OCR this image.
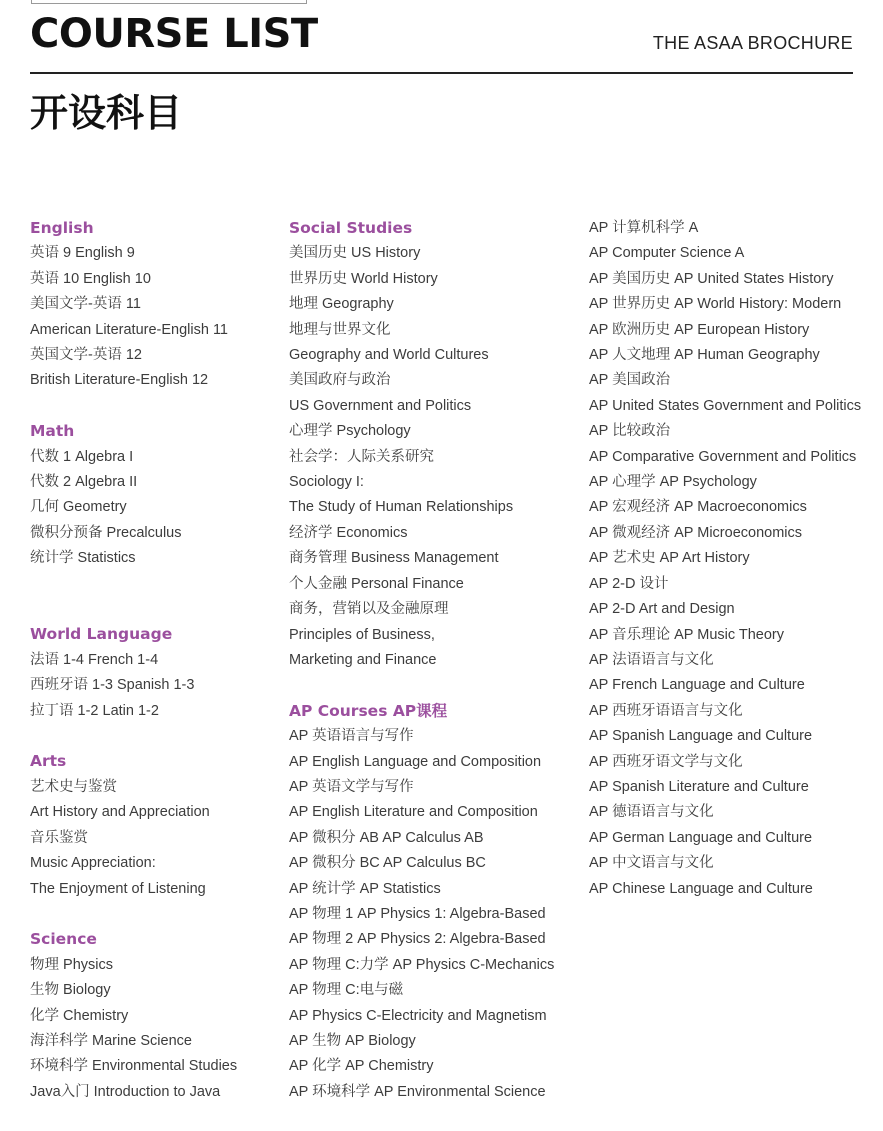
COURSE LIST	THE ASAA BROCHURE
开设科目
English
英语 9 English 9
英语 10 English 10
美国文学-英语 11
American Literature-English 11
英国文学-英语 12
British Literature-English 12
Math
代数 1 Algebra I
代数 2 Algebra II
几何 Geometry
微积分预备 Precalculus
统计学 Statistics
World Language
法语 1-4 French 1-4
西班牙语 1-3 Spanish 1-3
拉丁语 1-2 Latin 1-2
Arts
艺术史与鉴赏
Art History and Appreciation
音乐鉴赏
Music Appreciation:
The Enjoyment of Listening
Science
物理 Physics
生物 Biology
化学 Chemistry
海洋科学 Marine Science
环境科学 Environmental Studies
Java入门 Introduction to Java
Social Studies
美国历史 US History
世界历史 World History
地理 Geography
地理与世界文化
Geography and World Cultures
美国政府与政治
US Government and Politics
心理学 Psychology
社会学：人际关系研究
Sociology I:
The Study of Human Relationships
经济学 Economics
商务管理 Business Management
个人金融 Personal Finance
商务，营销以及金融原理
Principles of Business,
Marketing and Finance
AP Courses AP课程
AP 英语语言与写作
AP English Language and Composition
AP 英语文学与写作
AP English Literature and Composition
AP 微积分 AB AP Calculus AB
AP 微积分 BC AP Calculus BC
AP 统计学 AP Statistics
AP 物理 1 AP Physics 1: Algebra-Based
AP 物理 2 AP Physics 2: Algebra-Based
AP 物理 C:力学 AP Physics C-Mechanics
AP 物理 C:电与磁
AP Physics C-Electricity and Magnetism
AP 生物 AP Biology
AP 化学 AP Chemistry
AP 环境科学 AP Environmental Science
AP 计算机科学 A
AP Computer Science A
AP 美国历史 AP United States History
AP 世界历史 AP World History: Modern
AP 欧洲历史 AP European History
AP 人文地理 AP Human Geography
AP 美国政治
AP United States Government and Politics
AP 比较政治
AP Comparative Government and Politics
AP 心理学 AP Psychology
AP 宏观经济 AP Macroeconomics
AP 微观经济 AP Microeconomics
AP 艺术史 AP Art History
AP 2-D 设计
AP 2-D Art and Design
AP 音乐理论 AP Music Theory
AP 法语语言与文化
AP French Language and Culture
AP 西班牙语语言与文化
AP Spanish Language and Culture
AP 西班牙语文学与文化
AP Spanish Literature and Culture
AP 德语语言与文化
AP German Language and Culture
AP 中文语言与文化
AP Chinese Language and Culture
